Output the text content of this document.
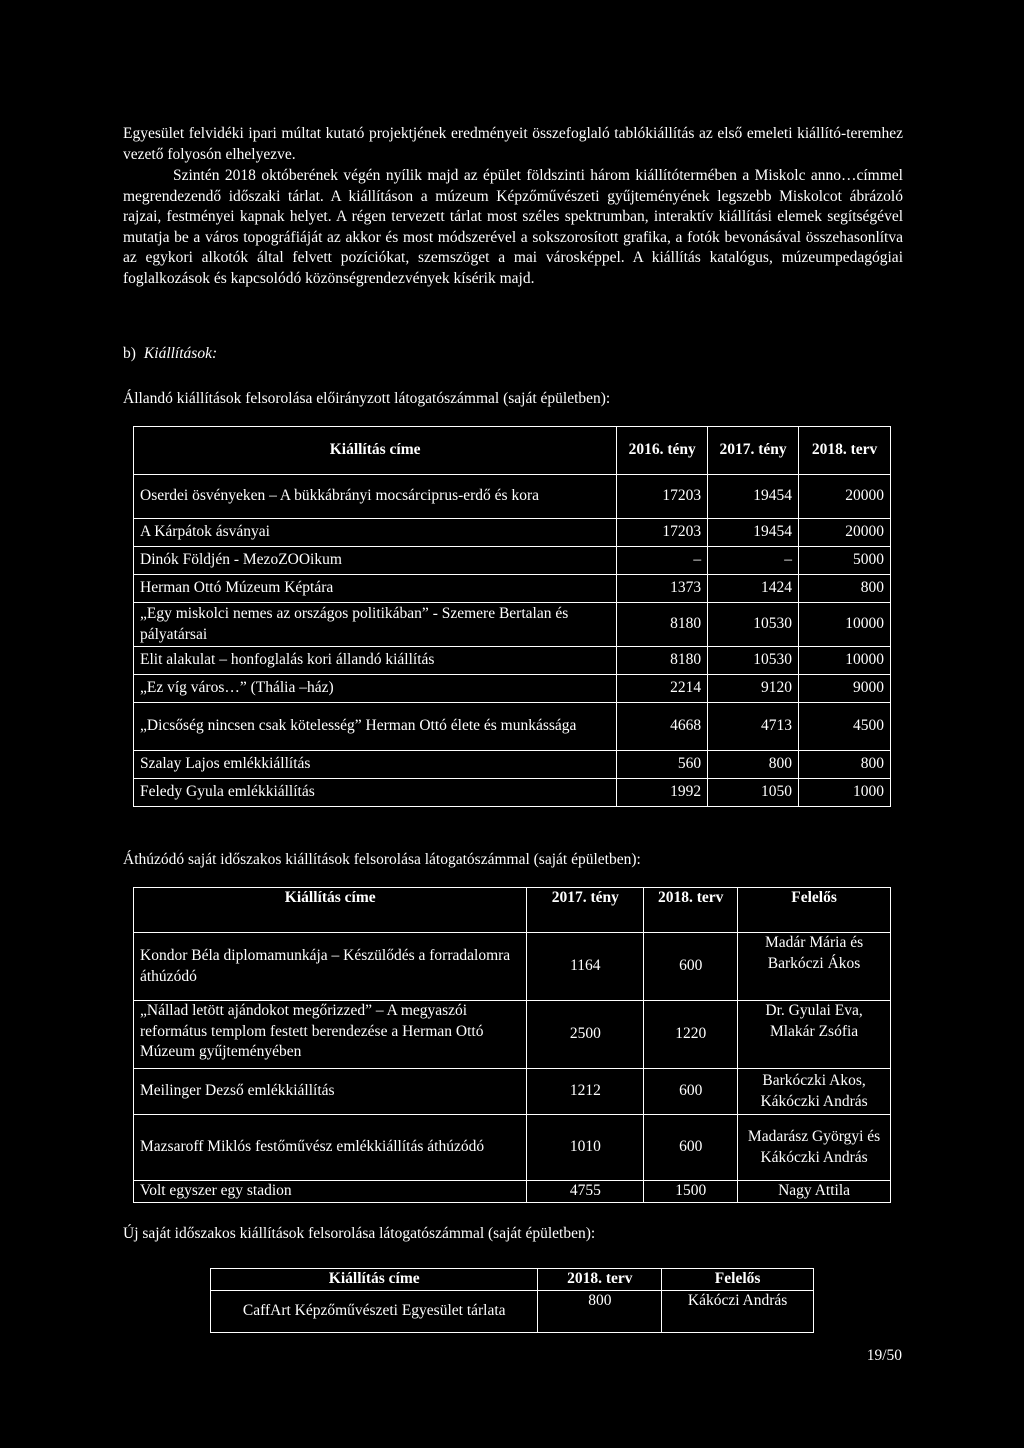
Egyesület felvidéki ipari múltat kutató projektjének eredményeit összefoglaló tablókiállítás az első emeleti kiállító-teremhez vezető folyosón elhelyezve.

Szintén 2018 októberének végén nyílik majd az épület földszinti három kiállítótermében a Miskolc anno…címmel megrendezendő időszaki tárlat. A kiállításon a múzeum Képzőművészeti gyűjteményének legszebb Miskolcot ábrázoló rajzai, festményei kapnak helyet. A régen tervezett tárlat most széles spektrumban, interaktív kiállítási elemek segítségével mutatja be a város topográfiáját az akkor és most módszerével a sokszorosított grafika, a fotók bevonásával összehasonlítva az egykori alkotók által felvett pozíciókat, szemszöget a mai városképpel. A kiállítás katalógus, múzeumpedagógiai foglalkozások és kapcsolódó közönségrendezvények kísérik majd.

b) Kiállítások:

Állandó kiállítások felsorolása előirányzott látogatószámmal (saját épületben):

Kiállítás címe	2016. tény	2017. tény	2018. terv
Oserdei ösvényeken – A bükkábrányi mocsárciprus-erdő és kora	17203	19454	20000
A Kárpátok ásványai	17203	19454	20000
Dinók Földjén - MezoZOOikum	–	–	5000
Herman Ottó Múzeum Képtára	1373	1424	800
„Egy miskolci nemes az országos politikában” - Szemere Bertalan és pályatársai	8180	10530	10000
Elit alakulat – honfoglalás kori állandó kiállítás	8180	10530	10000
„Ez víg város…” (Thália –ház)	2214	9120	9000
„Dicsőség nincsen csak kötelesség” Herman Ottó élete és munkássága	4668	4713	4500
Szalay Lajos emlékkiállítás	560	800	800
Feledy Gyula emlékkiállítás	1992	1050	1000

Áthúzódó saját időszakos kiállítások felsorolása látogatószámmal (saját épületben):

Kiállítás címe	2017. tény	2018. terv	Felelős
Kondor Béla diplomamunkája – Készülődés a forradalomra áthúzódó	1164	600	Madár Mária és Barkóczi Ákos
„Nállad letött ajándokot megőrizzed” – A megyaszói református templom festett berendezése a Herman Ottó Múzeum gyűjteményében	2500	1220	Dr. Gyulai Eva, Mlakár Zsófia
Meilinger Dezső emlékkiállítás	1212	600	Barkóczki Akos, Kákóczki András
Mazsaroff Miklós festőművész emlékkiállítás áthúzódó	1010	600	Madarász Györgyi és Kákóczki András
Volt egyszer egy stadion	4755	1500	Nagy Attila

Új saját időszakos kiállítások felsorolása látogatószámmal (saját épületben):

Kiállítás címe	2018. terv	Felelős
CaffArt Képzőművészeti Egyesület tárlata	800	Kákóczi András

19/50
